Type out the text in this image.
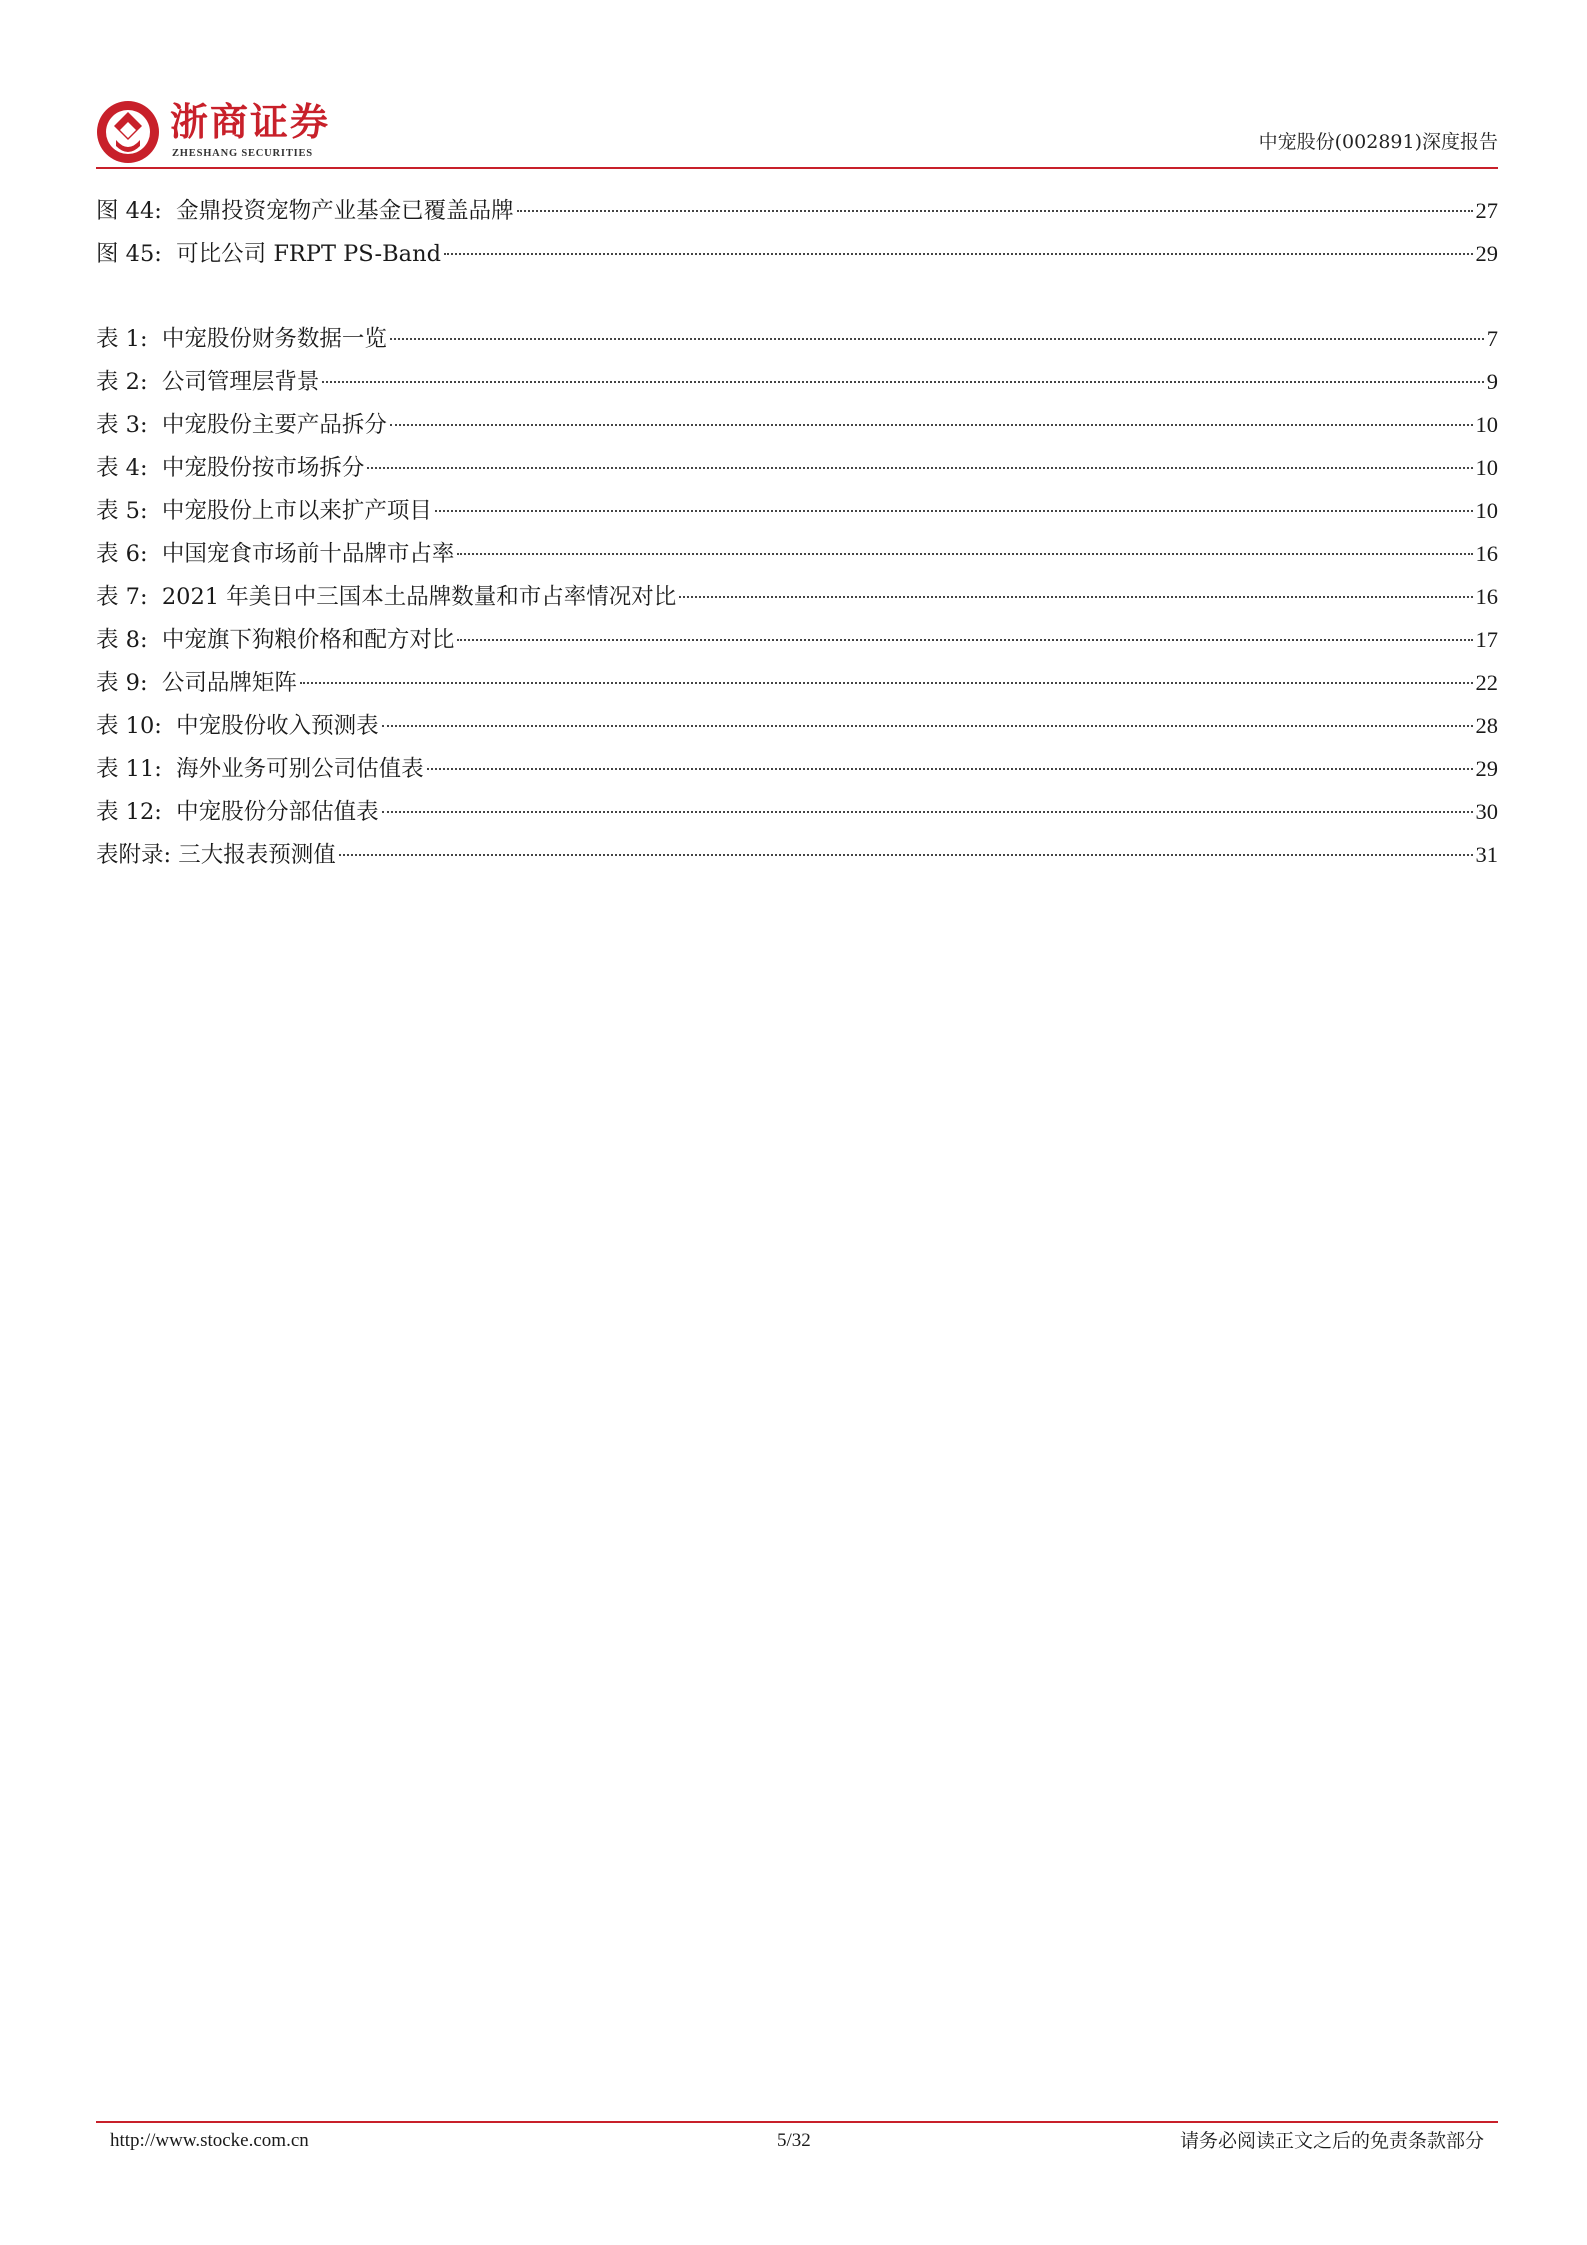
浙商证券
ZHESHANG SECURITIES
中宠股份(002891)深度报告
图 44:  金鼎投资宠物产业基金已覆盖品牌	27
图 45:  可比公司 FRPT PS-Band	29
表 1:  中宠股份财务数据一览	7
表 2:  公司管理层背景	9
表 3:  中宠股份主要产品拆分	10
表 4:  中宠股份按市场拆分	10
表 5:  中宠股份上市以来扩产项目	10
表 6:  中国宠食市场前十品牌市占率	16
表 7:  2021 年美日中三国本土品牌数量和市占率情况对比	16
表 8:  中宠旗下狗粮价格和配方对比	17
表 9:  公司品牌矩阵	22
表 10:  中宠股份收入预测表	28
表 11:  海外业务可别公司估值表	29
表 12:  中宠股份分部估值表	30
表附录: 三大报表预测值	31
http://www.stocke.com.cn	5/32	请务必阅读正文之后的免责条款部分
